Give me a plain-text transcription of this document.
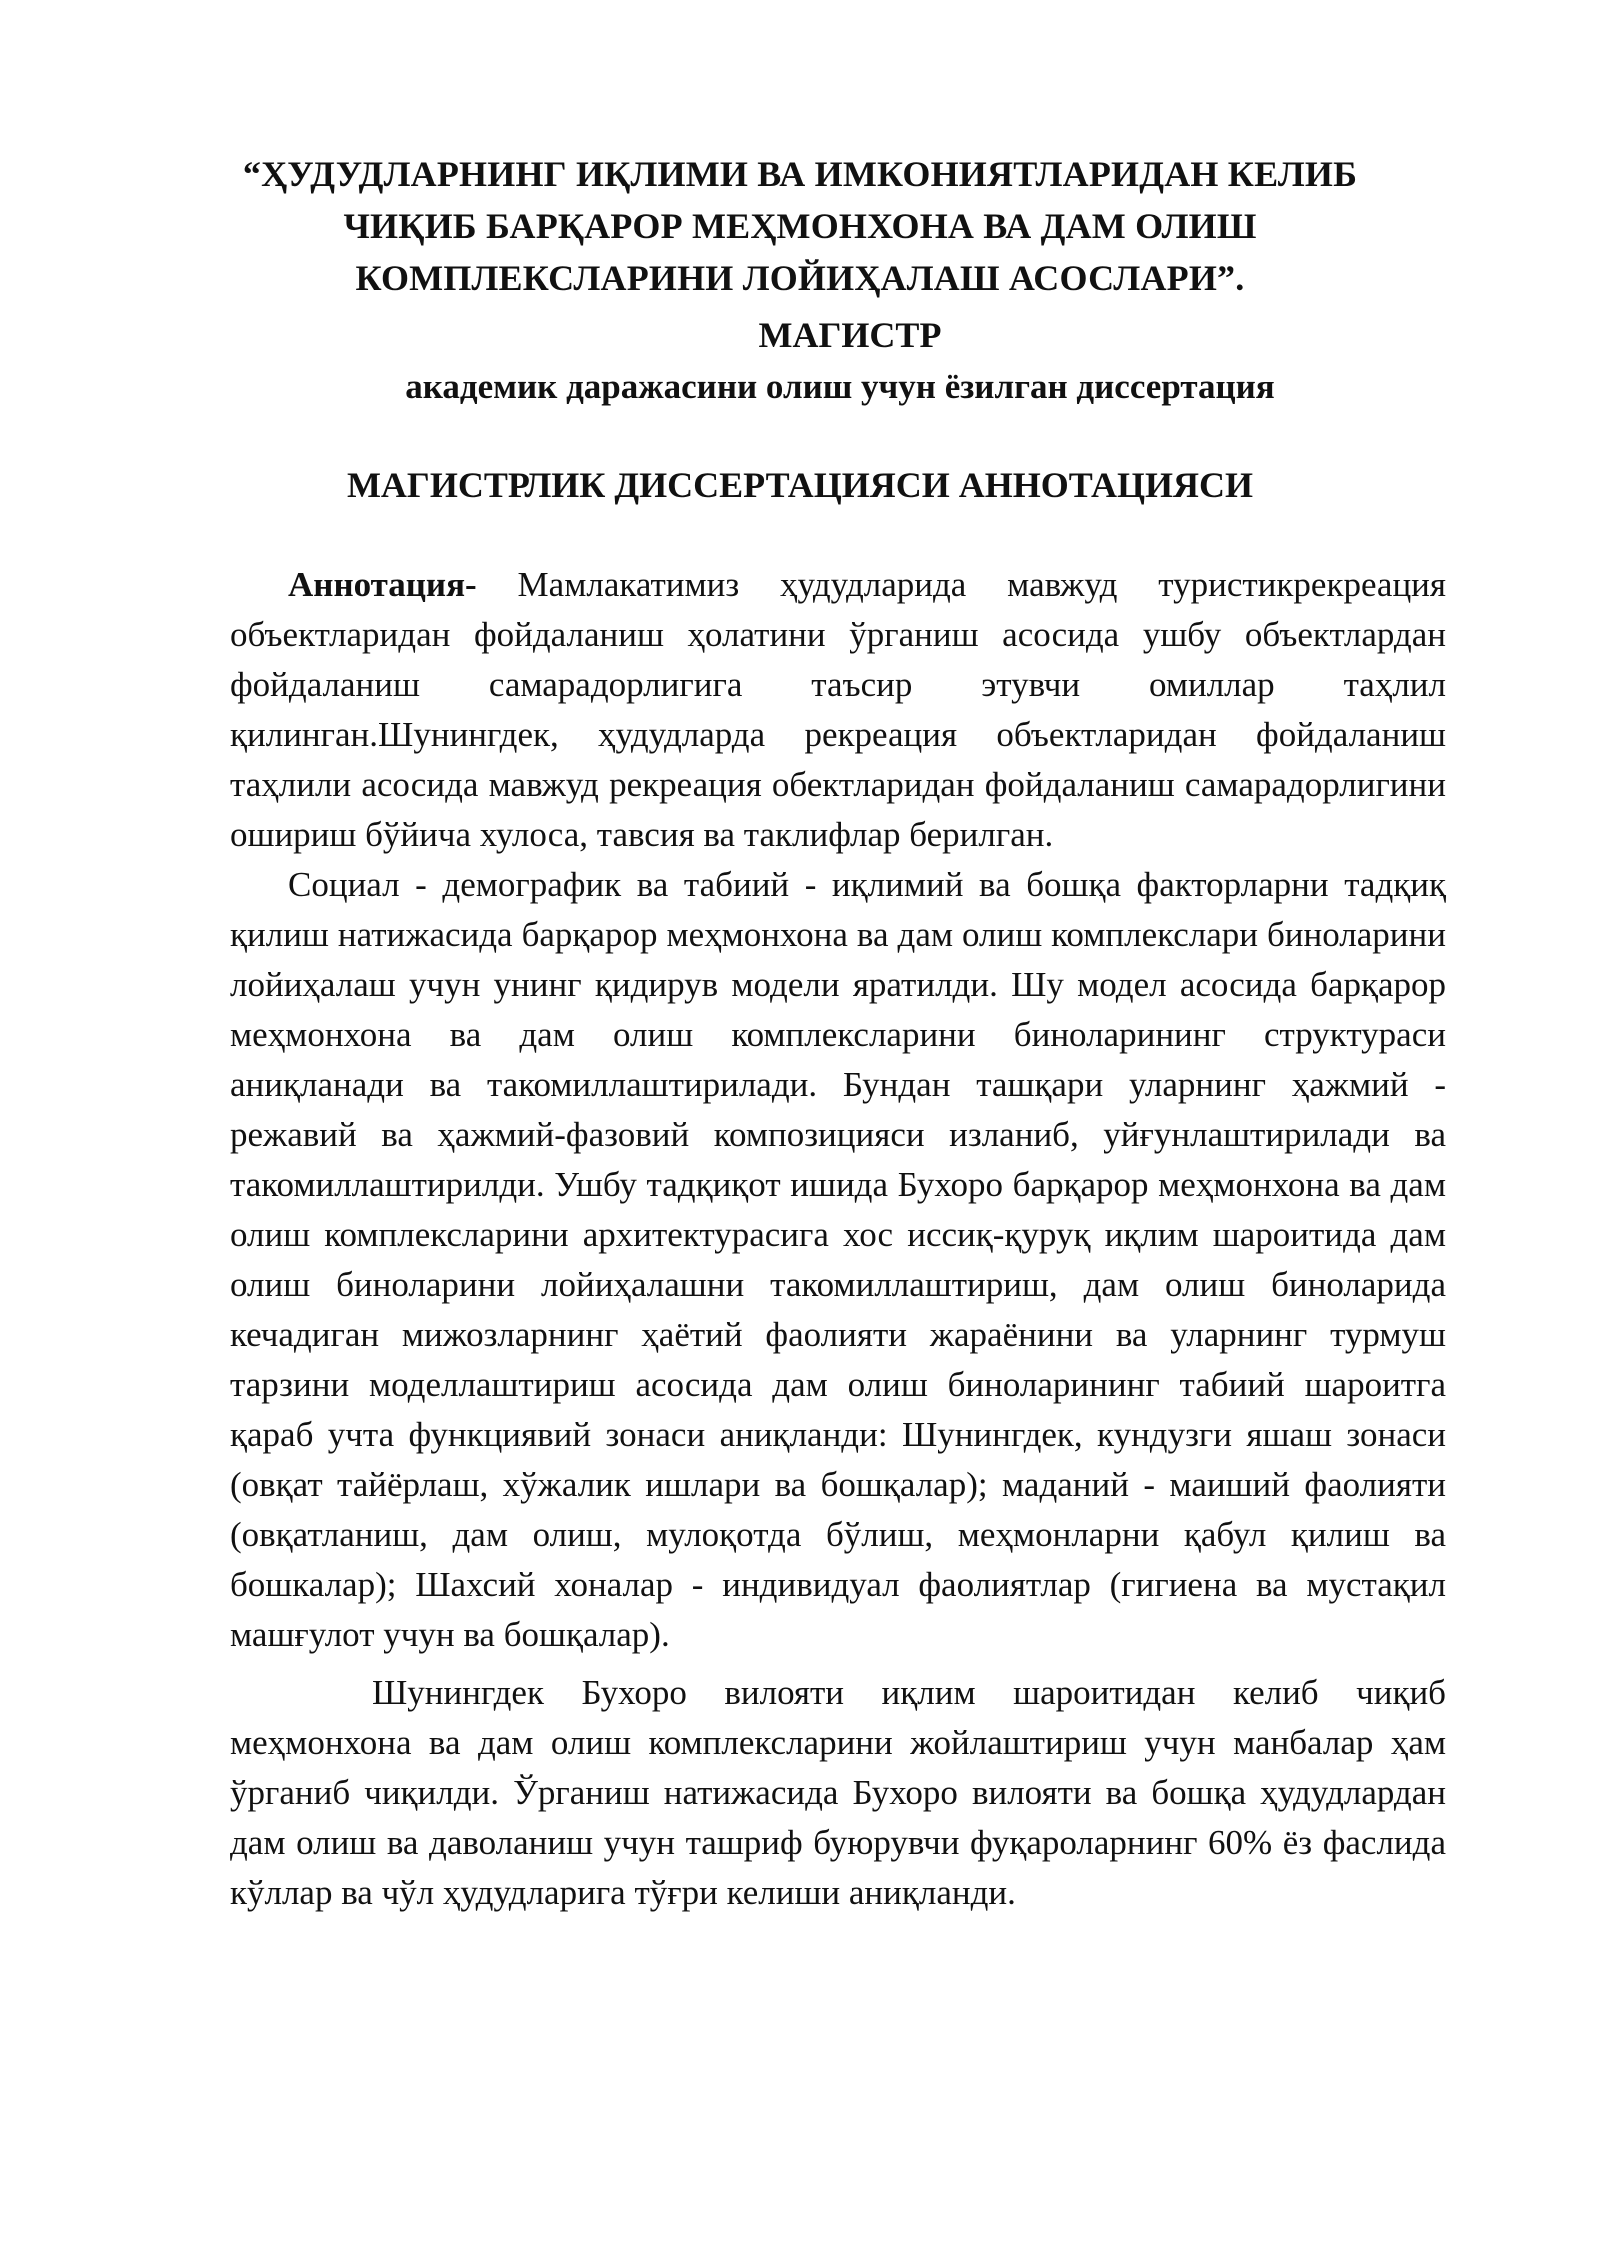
“ҲУДУДЛАРНИНГ ИҚЛИМИ ВА ИМКОНИЯТЛАРИДАН КЕЛИБ
ЧИҚИБ БАРҚАРОР МЕҲМОНХОНА ВА ДАМ ОЛИШ
КОМПЛЕКСЛАРИНИ ЛОЙИҲАЛАШ АСОСЛАРИ”.

МАГИСТР

академик даражасини олиш учун ёзилган диссертация

МАГИСТРЛИК ДИССЕРТАЦИЯСИ АННОТАЦИЯСИ

Аннотация- Мамлакатимиз ҳудудларида мавжуд туристикрекреация объектларидан фойдаланиш ҳолатини ўрганиш асосида ушбу объектлардан фойдаланиш самарадорлигига таъсир этувчи омиллар таҳлил қилинган.Шунингдек, ҳудудларда рекреация объектларидан фойдаланиш таҳлили асосида мавжуд рекреация обектларидан фойдаланиш самарадорлигини ошириш бўйича хулоса, тавсия ва таклифлар берилган.

Социал - демографик ва табиий - иқлимий ва бошқа факторларни тадқиқ қилиш натижасида барқарор меҳмонхона ва дам олиш комплекслари биноларини лойиҳалаш учун унинг қидирув модели яратилди. Шу модел асосида барқарор меҳмонхона ва дам олиш комплексларини биноларининг структураси аниқланади ва такомиллаштирилади. Бундан ташқари уларнинг ҳажмий - режавий ва ҳажмий-фазовий композицияси изланиб, уйғунлаштирилади ва такомиллаштирилди. Ушбу тадқиқот ишида Бухоро барқарор меҳмонхона ва дам олиш комплексларини архитектурасига хос иссиқ-қуруқ иқлим шароитида дам олиш биноларини лойиҳалашни такомиллаштириш, дам олиш биноларида кечадиган мижозларнинг ҳаётий фаолияти жараёнини ва уларнинг турмуш тарзини моделлаштириш асосида дам олиш биноларининг табиий шароитга қараб учта функциявий зонаси аниқланди: Шунингдек, кундузги яшаш зонаси (овқат тайёрлаш, хўжалик ишлари ва бошқалар); маданий - маиший фаолияти (овқатланиш, дам олиш, мулоқотда бўлиш, меҳмонларни қабул қилиш ва бошкалар); Шахсий хоналар - индивидуал фаолиятлар (гигиена ва мустақил машғулот учун ва бошқалар).

Шунингдек Бухоро вилояти иқлим шароитидан келиб чиқиб меҳмонхона ва дам олиш комплексларини жойлаштириш учун манбалар ҳам ўрганиб чиқилди. Ўрганиш натижасида Бухоро вилояти ва бошқа ҳудудлардан дам олиш ва даволаниш учун ташриф буюрувчи фуқароларнинг 60% ёз фаслида кўллар ва чўл ҳудудларига тўғри келиши аниқланди.
